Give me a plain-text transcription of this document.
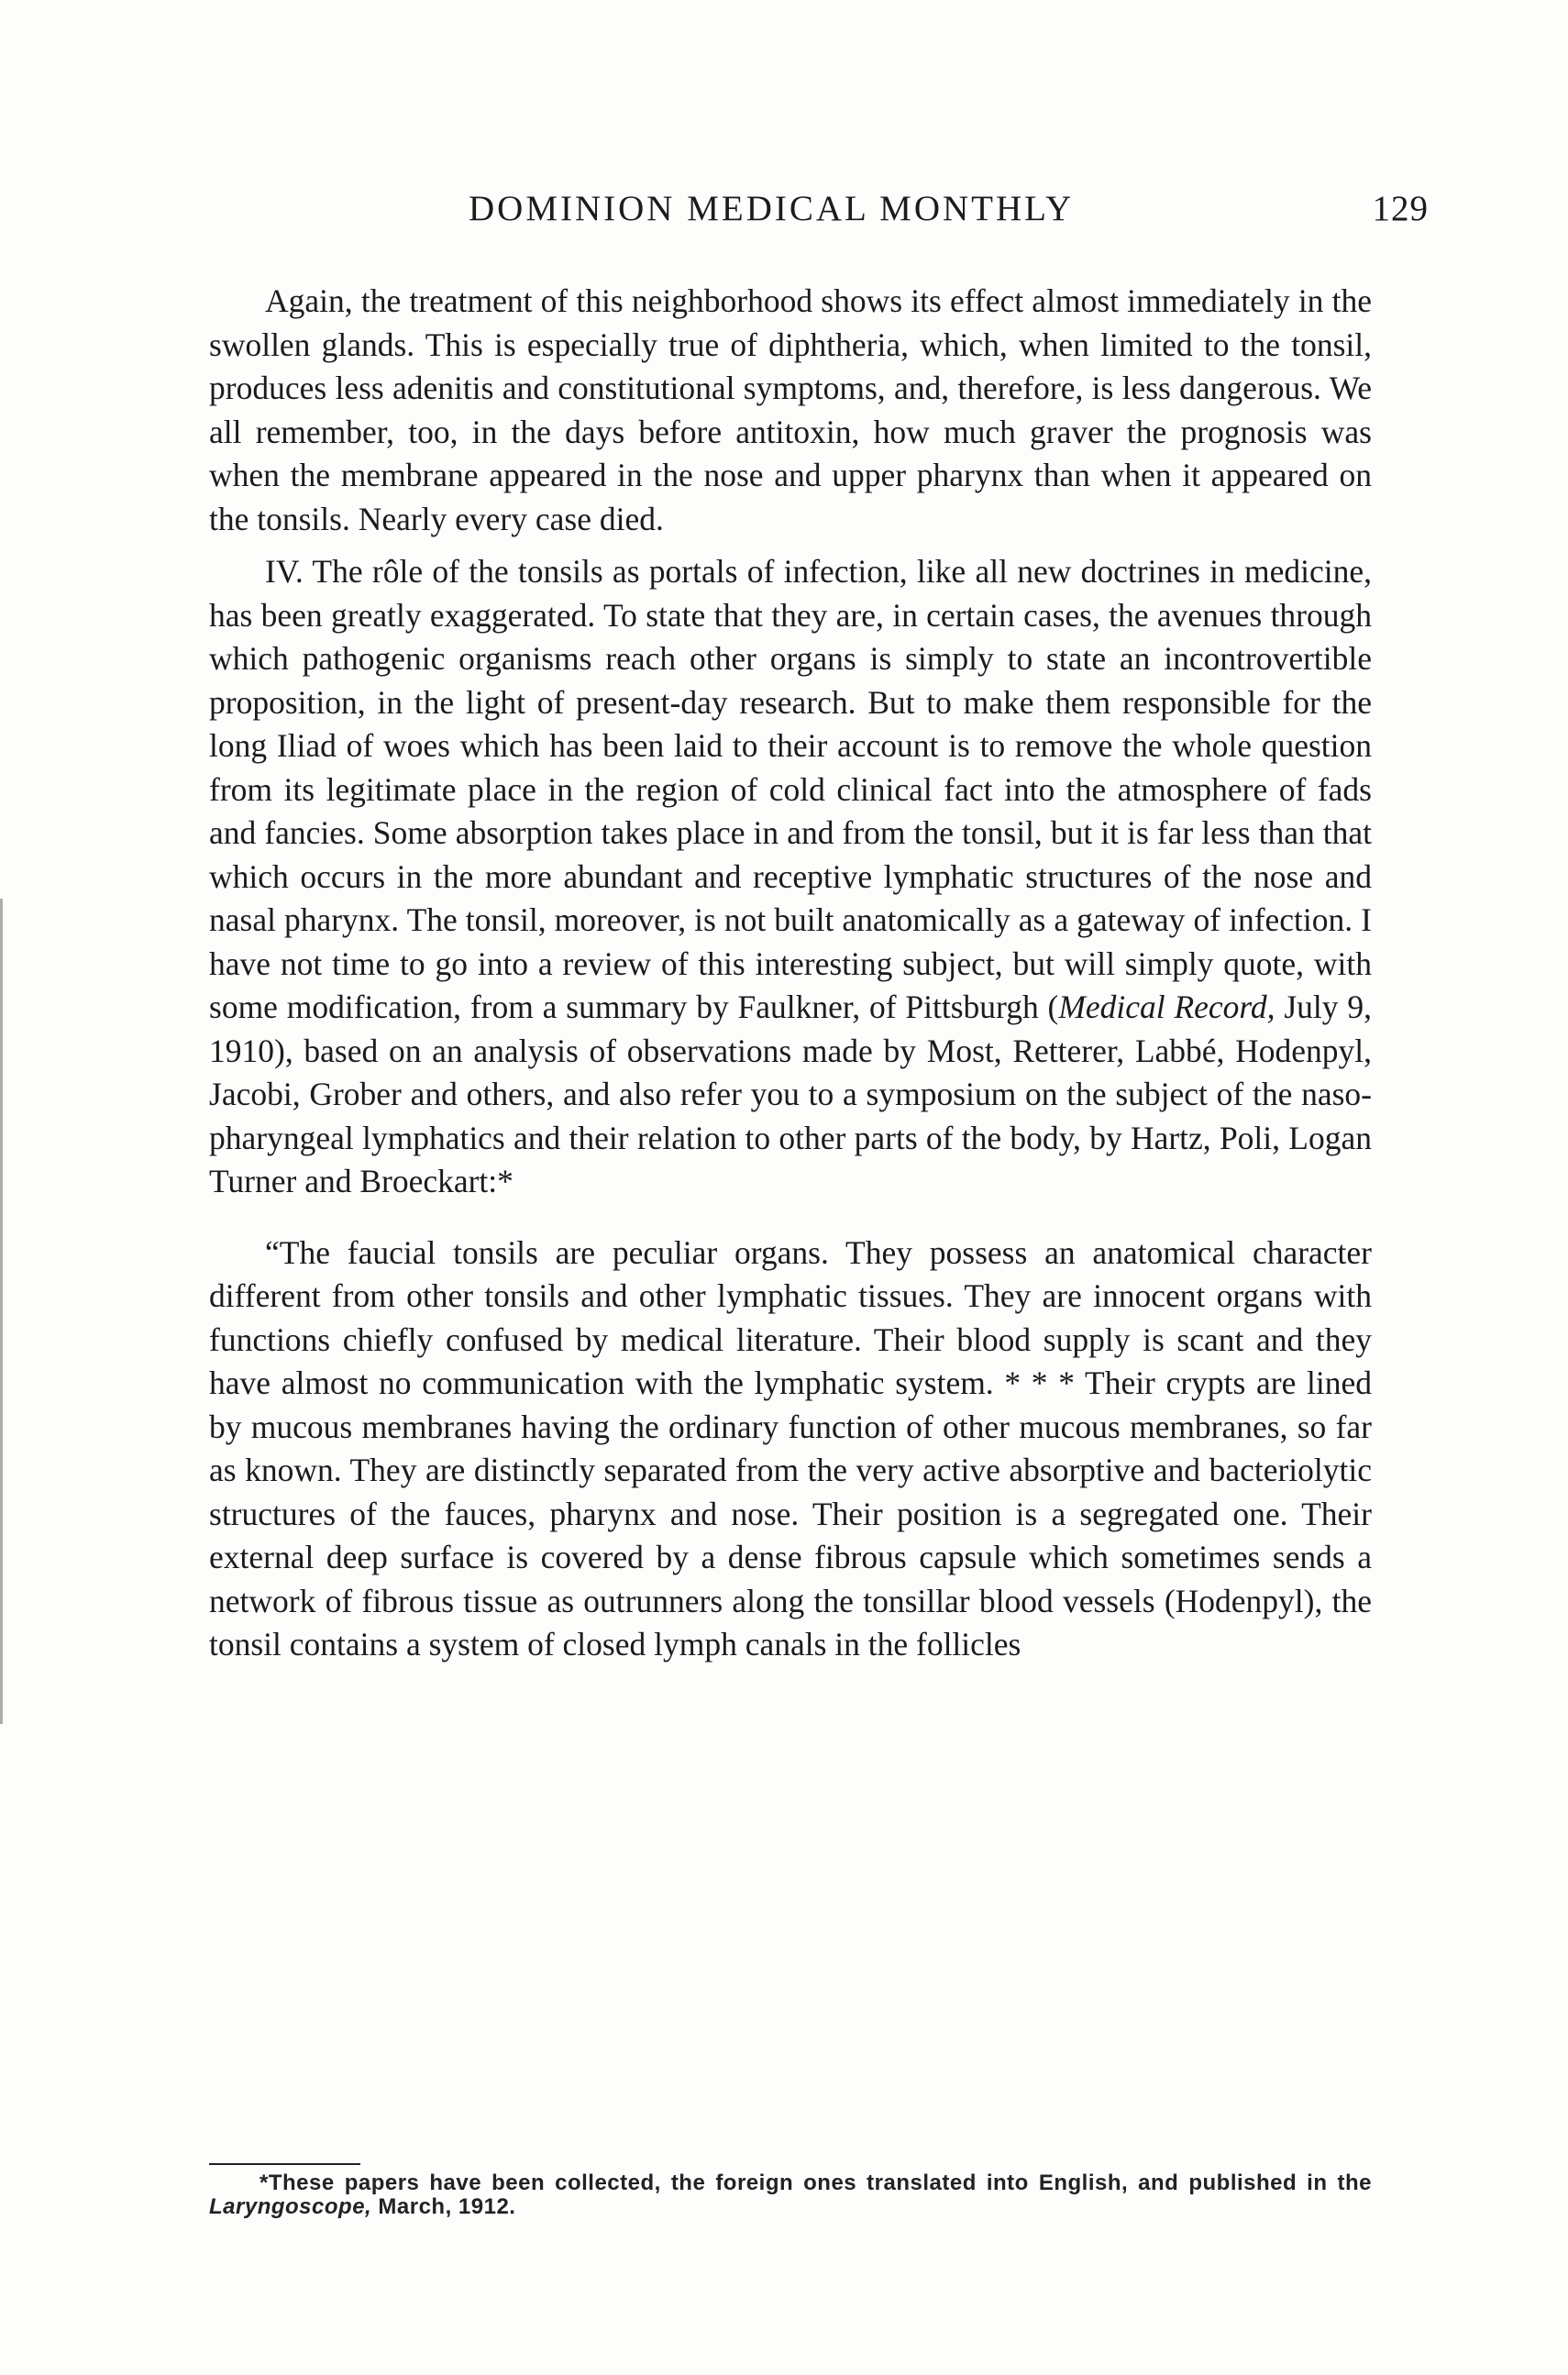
DOMINION MEDICAL MONTHLY	129

Again, the treatment of this neighborhood shows its effect almost immediately in the swollen glands. This is especially true of diphtheria, which, when limited to the tonsil, produces less adenitis and constitutional symptoms, and, therefore, is less dangerous. We all remember, too, in the days before antitoxin, how much graver the prognosis was when the membrane appeared in the nose and upper pharynx than when it appeared on the tonsils. Nearly every case died.

IV. The rôle of the tonsils as portals of infection, like all new doctrines in medicine, has been greatly exaggerated. To state that they are, in certain cases, the avenues through which pathogenic organisms reach other organs is simply to state an incontrovertible proposition, in the light of present-day research. But to make them responsible for the long Iliad of woes which has been laid to their account is to remove the whole question from its legitimate place in the region of cold clinical fact into the atmosphere of fads and fancies. Some absorption takes place in and from the tonsil, but it is far less than that which occurs in the more abundant and receptive lymphatic structures of the nose and nasal pharynx. The tonsil, moreover, is not built anatomically as a gateway of infection. I have not time to go into a review of this interesting subject, but will simply quote, with some modification, from a summary by Faulkner, of Pittsburgh (Medical Record, July 9, 1910), based on an analysis of observations made by Most, Retterer, Labbé, Hodenpyl, Jacobi, Grober and others, and also refer you to a symposium on the subject of the naso-pharyngeal lymphatics and their relation to other parts of the body, by Hartz, Poli, Logan Turner and Broeckart:*

“The faucial tonsils are peculiar organs. They possess an anatomical character different from other tonsils and other lymphatic tissues. They are innocent organs with functions chiefly confused by medical literature. Their blood supply is scant and they have almost no communication with the lymphatic system. * * * Their crypts are lined by mucous membranes having the ordinary function of other mucous membranes, so far as known. They are distinctly separated from the very active absorptive and bacteriolytic structures of the fauces, pharynx and nose. Their position is a segregated one. Their external deep surface is covered by a dense fibrous capsule which sometimes sends a network of fibrous tissue as outrunners along the tonsillar blood vessels (Hodenpyl), the tonsil contains a system of closed lymph canals in the follicles

*These papers have been collected, the foreign ones translated into English, and published in the Laryngoscope, March, 1912.
